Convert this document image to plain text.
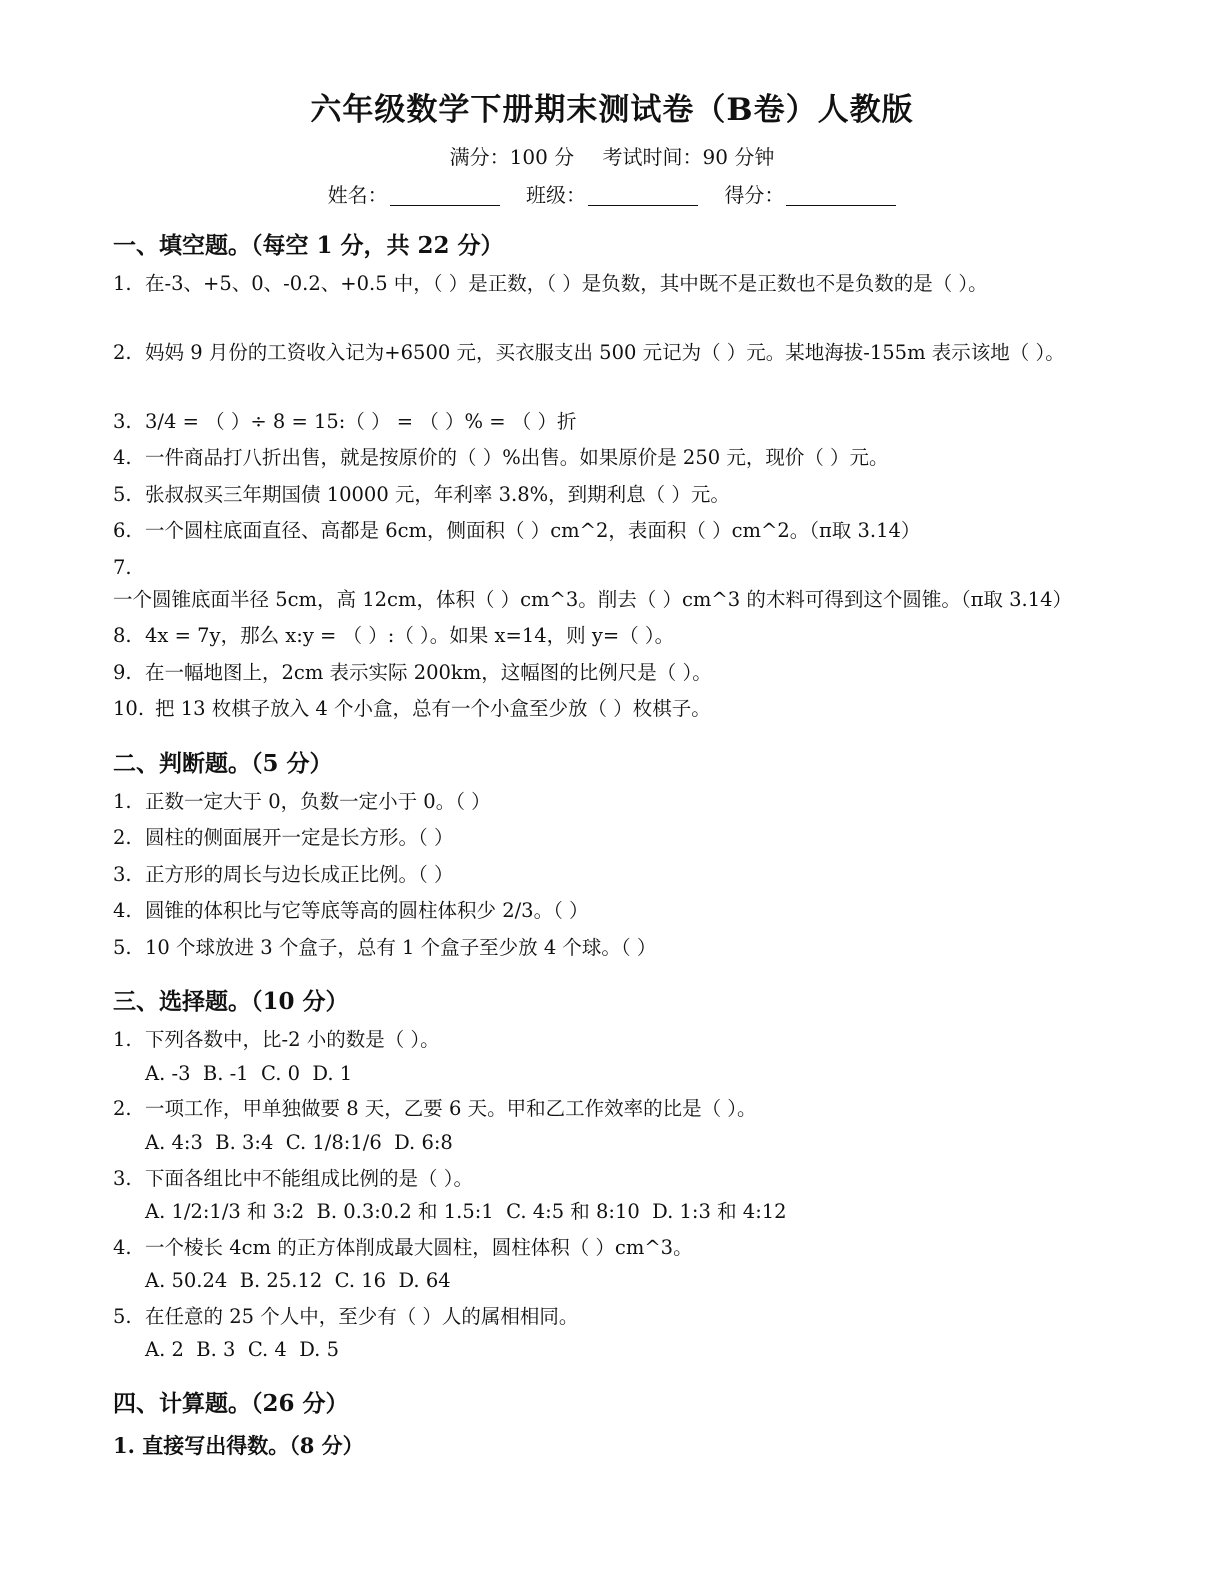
六年级数学下册期末测试卷（B卷）人教版
满分：100 分 考试时间：90 分钟
姓名：	班级：	得分：
一、填空题。（每空 1 分，共 22 分）
1. 在-3、+5、0、-0.2、+0.5 中，（ ）是正数，（ ）是负数，其中既不是正数也不是负数的是（ ）。
2. 妈妈 9 月份的工资收入记为+6500 元，买衣服支出 500 元记为（ ）元。某地海拔-155m 表示该地（ ）。
3. 3/4 = （ ）÷ 8 = 15:（ ） = （ ）% = （ ）折
4. 一件商品打八折出售，就是按原价的（ ）%出售。如果原价是 250 元，现价（ ）元。
5. 张叔叔买三年期国债 10000 元，年利率 3.8%，到期利息（ ）元。
6. 一个圆柱底面直径、高都是 6cm，侧面积（ ）cm^2，表面积（ ）cm^2。（π取 3.14）
7.一个圆锥底面半径 5cm，高 12cm，体积（ ）cm^3。削去（ ）cm^3 的木料可得到这个圆锥。（π取 3.14）
8. 4x = 7y，那么 x:y = （ ）:（ ）。如果 x=14，则 y=（ ）。
9. 在一幅地图上，2cm 表示实际 200km，这幅图的比例尺是（ ）。
10. 把 13 枚棋子放入 4 个小盒，总有一个小盒至少放（ ）枚棋子。
二、判断题。（5 分）
1. 正数一定大于 0，负数一定小于 0。（ ）
2. 圆柱的侧面展开一定是长方形。（ ）
3. 正方形的周长与边长成正比例。（ ）
4. 圆锥的体积比与它等底等高的圆柱体积少 2/3。（ ）
5. 10 个球放进 3 个盒子，总有 1 个盒子至少放 4 个球。（ ）
三、选择题。（10 分）
1. 下列各数中，比-2 小的数是（ ）。
A. -3  B. -1  C. 0  D. 1
2. 一项工作，甲单独做要 8 天，乙要 6 天。甲和乙工作效率的比是（ ）。
A. 4:3  B. 3:4  C. 1/8:1/6  D. 6:8
3. 下面各组比中不能组成比例的是（ ）。
A. 1/2:1/3 和 3:2  B. 0.3:0.2 和 1.5:1  C. 4:5 和 8:10  D. 1:3 和 4:12
4. 一个棱长 4cm 的正方体削成最大圆柱，圆柱体积（ ）cm^3。
A. 50.24  B. 25.12  C. 16  D. 64
5. 在任意的 25 个人中，至少有（ ）人的属相相同。
A. 2  B. 3  C. 4  D. 5
四、计算题。（26 分）
1. 直接写出得数。（8 分）
